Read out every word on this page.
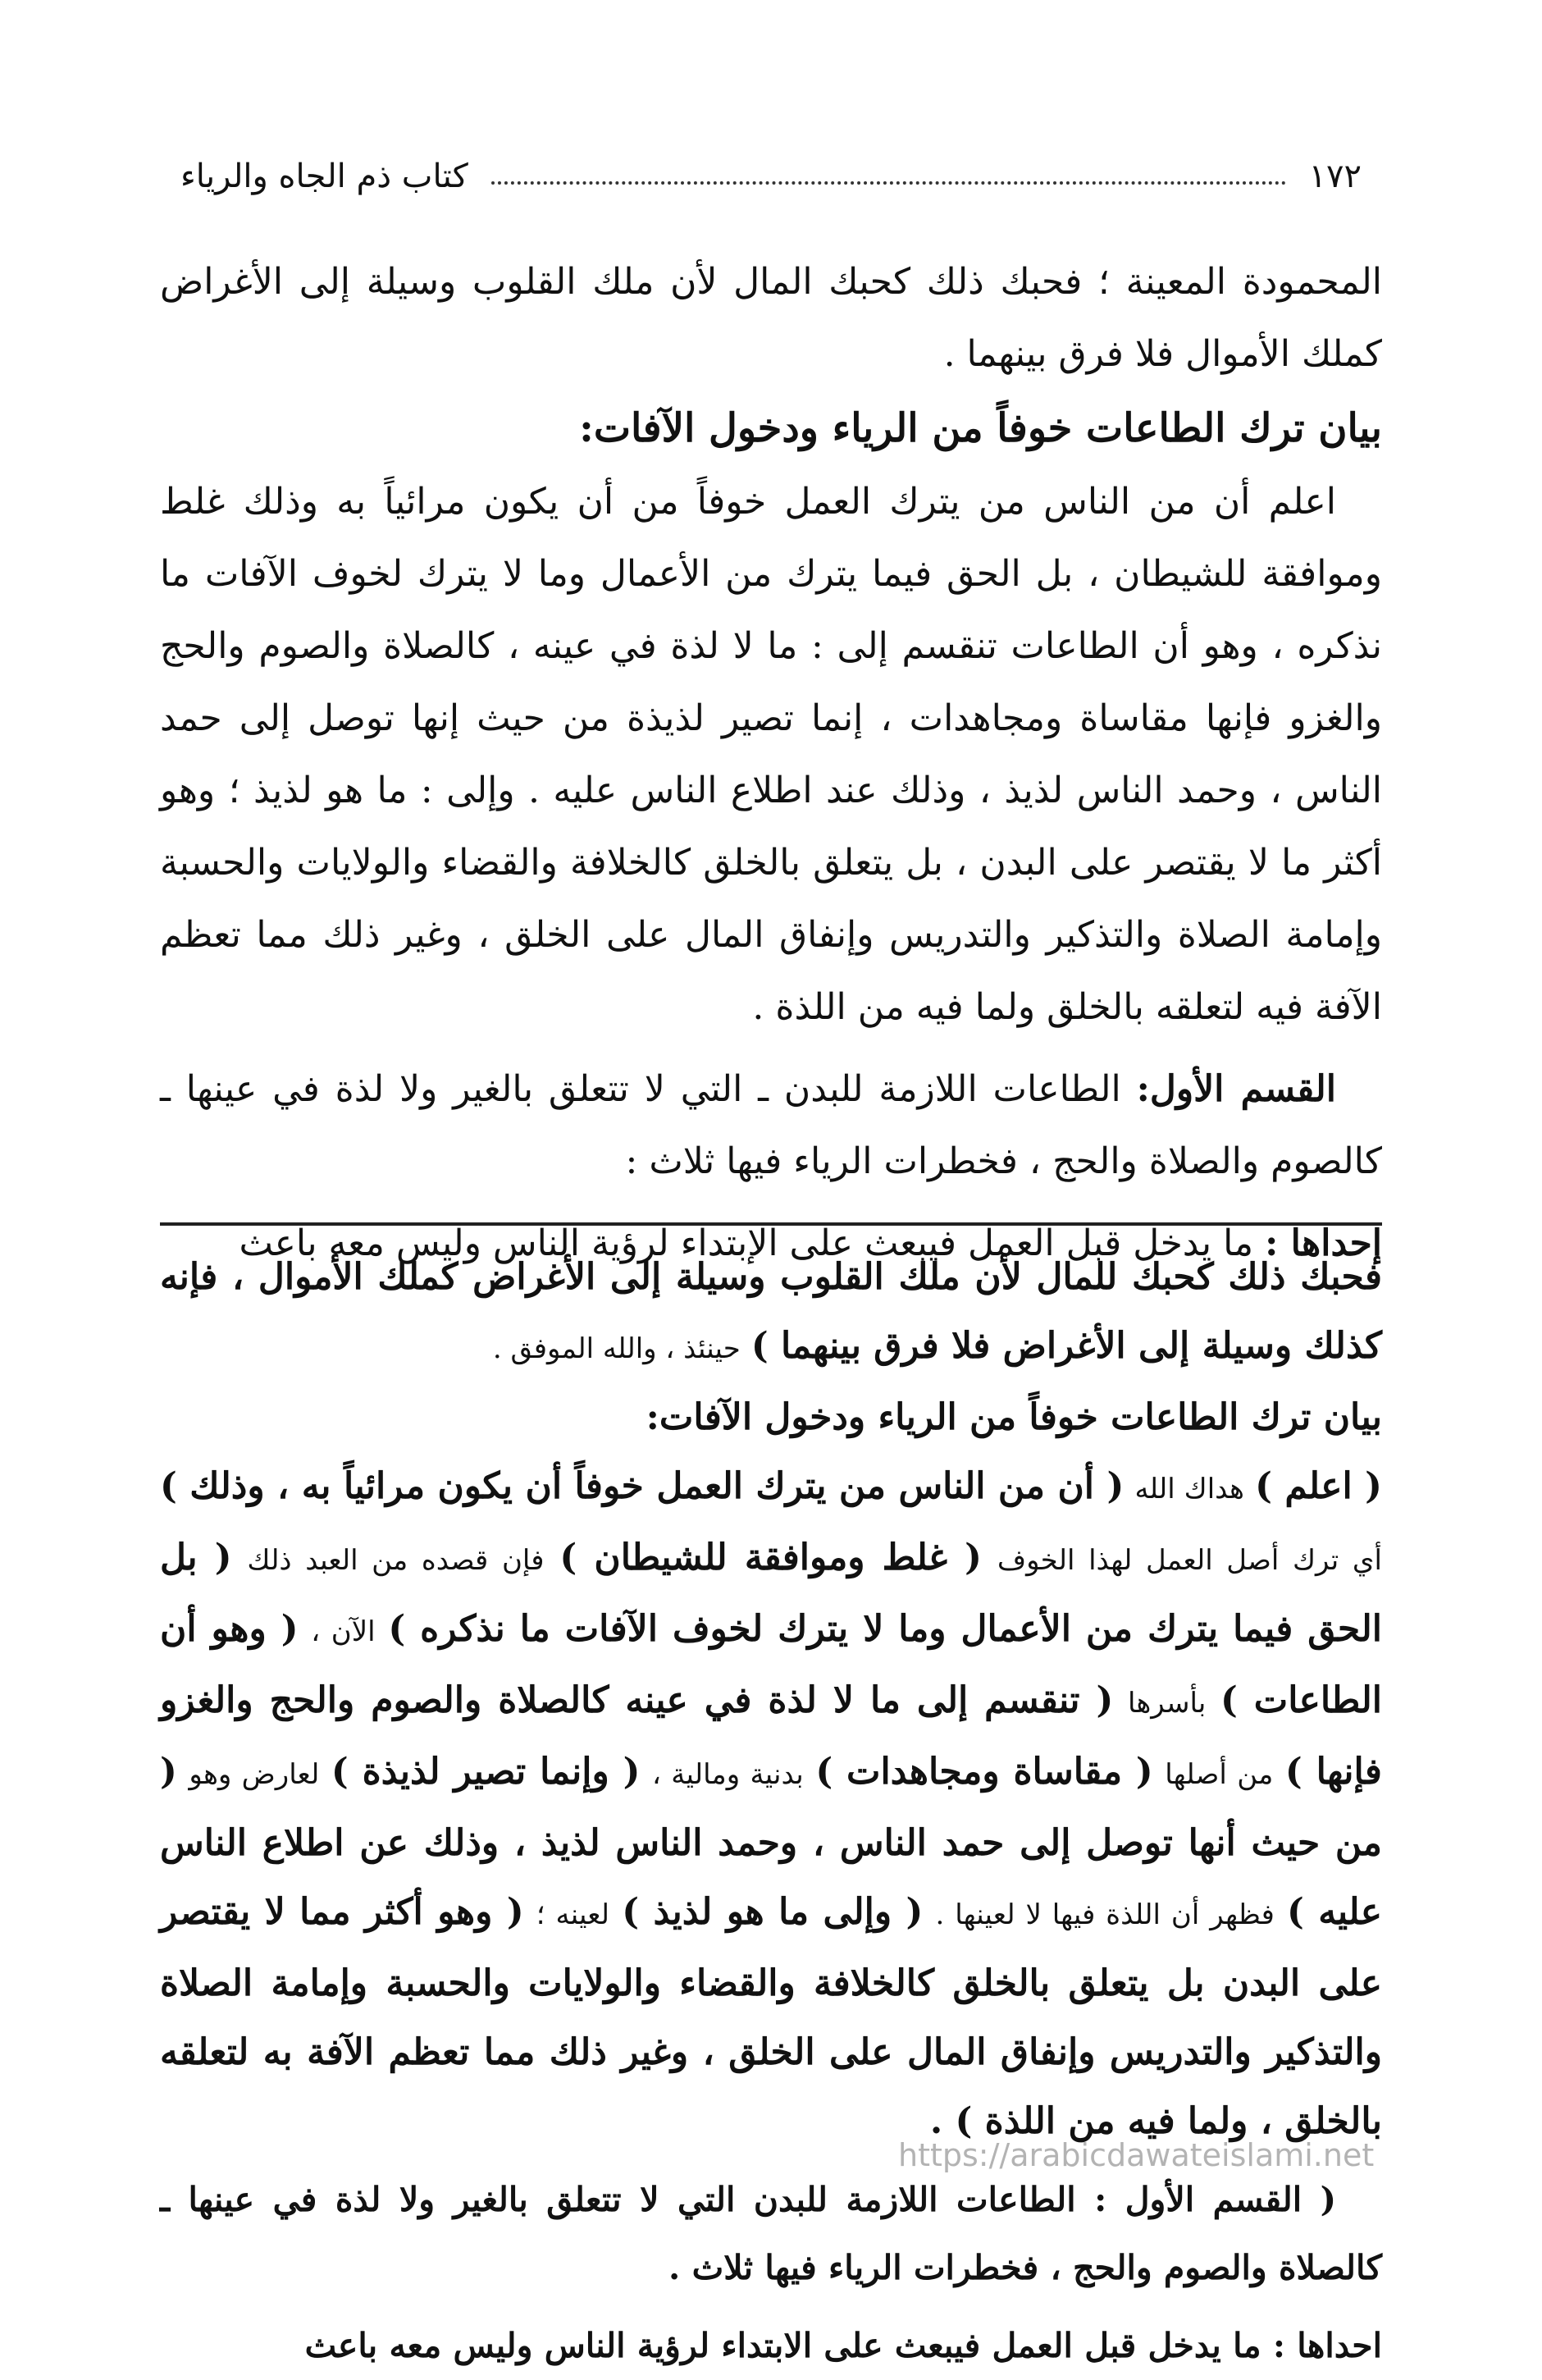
١٧٢
كتاب ذم الجاه والرياء

المحمودة المعينة ؛ فحبك ذلك كحبك المال لأن ملك القلوب وسيلة إلى الأغراض كملك الأموال فلا فرق بينهما .

بيان ترك الطاعات خوفاً من الرياء ودخول الآفات:

اعلم أن من الناس من يترك العمل خوفاً من أن يكون مرائياً به وذلك غلط وموافقة للشيطان ، بل الحق فيما يترك من الأعمال وما لا يترك لخوف الآفات ما نذكره ، وهو أن الطاعات تنقسم إلى : ما لا لذة في عينه ، كالصلاة والصوم والحج والغزو فإنها مقاساة ومجاهدات ، إنما تصير لذيذة من حيث إنها توصل إلى حمد الناس ، وحمد الناس لذيذ ، وذلك عند اطلاع الناس عليه . وإلى : ما هو لذيذ ؛ وهو أكثر ما لا يقتصر على البدن ، بل يتعلق بالخلق كالخلافة والقضاء والولايات والحسبة وإمامة الصلاة والتذكير والتدريس وإنفاق المال على الخلق ، وغير ذلك مما تعظم الآفة فيه لتعلقه بالخلق ولما فيه من اللذة .

القسم الأول: الطاعات اللازمة للبدن ـ التي لا تتعلق بالغير ولا لذة في عينها ـ كالصوم والصلاة والحج ، فخطرات الرياء فيها ثلاث :

إحداها : ما يدخل قبل العمل فيبعث على الإبتداء لرؤية الناس وليس معه باعث

فحبك ذلك كحبك للمال لأن ملك القلوب وسيلة إلى الأغراض كملك الأموال ، فإنه كذلك وسيلة إلى الأغراض فلا فرق بينهما ) حينئذ ، والله الموفق .

بيان ترك الطاعات خوفاً من الرياء ودخول الآفات:

( اعلم ) هداك الله ( أن من الناس من يترك العمل خوفاً أن يكون مرائياً به ، وذلك ) أي ترك أصل العمل لهذا الخوف ( غلط وموافقة للشيطان ) فإن قصده من العبد ذلك ( بل الحق فيما يترك من الأعمال وما لا يترك لخوف الآفات ما نذكره ) الآن ، ( وهو أن الطاعات ) بأسرها ( تنقسم إلى ما لا لذة في عينه كالصلاة والصوم والحج والغزو فإنها ) من أصلها ( مقاساة ومجاهدات ) بدنية ومالية ، ( وإنما تصير لذيذة ) لعارض وهو ( من حيث أنها توصل إلى حمد الناس ، وحمد الناس لذيذ ، وذلك عن اطلاع الناس عليه ) فظهر أن اللذة فيها لا لعينها . ( وإلى ما هو لذيذ ) لعينه ؛ ( وهو أكثر مما لا يقتصر على البدن بل يتعلق بالخلق كالخلافة والقضاء والولايات والحسبة وإمامة الصلاة والتذكير والتدريس وإنفاق المال على الخلق ، وغير ذلك مما تعظم الآفة به لتعلقه بالخلق ، ولما فيه من اللذة ) .

( القسم الأول : الطاعات اللازمة للبدن التي لا تتعلق بالغير ولا لذة في عينها ـ كالصلاة والصوم والحج ، فخطرات الرياء فيها ثلاث .

احداها : ما يدخل قبل العمل فيبعث على الابتداء لرؤية الناس وليس معه باعث

https://arabicdawateislami.net
